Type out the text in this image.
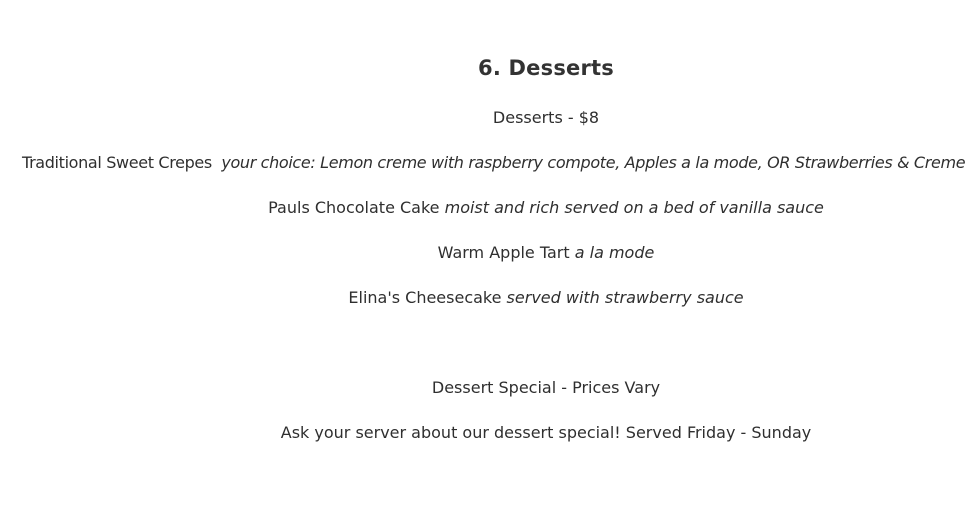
6. Desserts
Desserts - $8
Traditional Sweet Crepes  your choice: Lemon creme with raspberry compote, Apples a la mode, OR Strawberries & Creme
Pauls Chocolate Cake moist and rich served on a bed of vanilla sauce
Warm Apple Tart a la mode
Elina's Cheesecake served with strawberry sauce
Dessert Special - Prices Vary
Ask your server about our dessert special! Served Friday - Sunday
